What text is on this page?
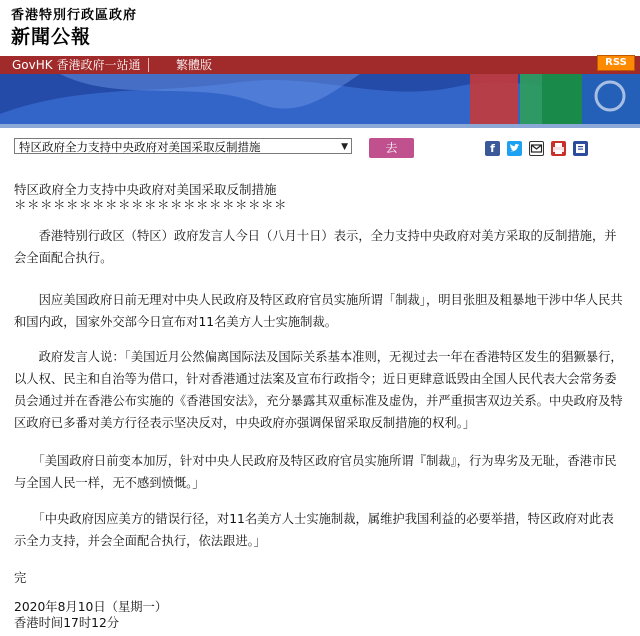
香港特別行政區政府
新聞公報
GovHK 香港政府一站通	繁體版	RSS
特区政府全力支持中央政府对美国采取反制措施	▼	去	f
特区政府全力支持中央政府对美国采取反制措施
＊＊＊＊＊＊＊＊＊＊＊＊＊＊＊＊＊＊＊＊＊

　　香港特别行政区（特区）政府发言人今日（八月十日）表示，全力支持中央政府对美方采取的反制措施，并会全面配合执行。

　　因应美国政府日前无理对中央人民政府及特区政府官员实施所谓「制裁」，明目张胆及粗暴地干涉中华人民共和国内政，国家外交部今日宣布对11名美方人士实施制裁。

　　政府发言人说：「美国近月公然偏离国际法及国际关系基本准则，无视过去一年在香港特区发生的猖獗暴行，以人权、民主和自治等为借口，针对香港通过法案及宣布行政指令；近日更肆意诋毁由全国人民代表大会常务委员会通过并在香港公布实施的《香港国安法》，充分暴露其双重标准及虚伪，并严重损害双边关系。中央政府及特区政府已多番对美方行径表示坚决反对，中央政府亦强调保留采取反制措施的权利。」

　　「美国政府日前变本加厉，针对中央人民政府及特区政府官员实施所谓『制裁』，行为卑劣及无耻，香港市民与全国人民一样，无不感到愤慨。」

　　「中央政府因应美方的错误行径，对11名美方人士实施制裁，属维护我国利益的必要举措，特区政府对此表示全力支持，并会全面配合执行，依法跟进。」

完
2020年8月10日（星期一）
香港时间17时12分
